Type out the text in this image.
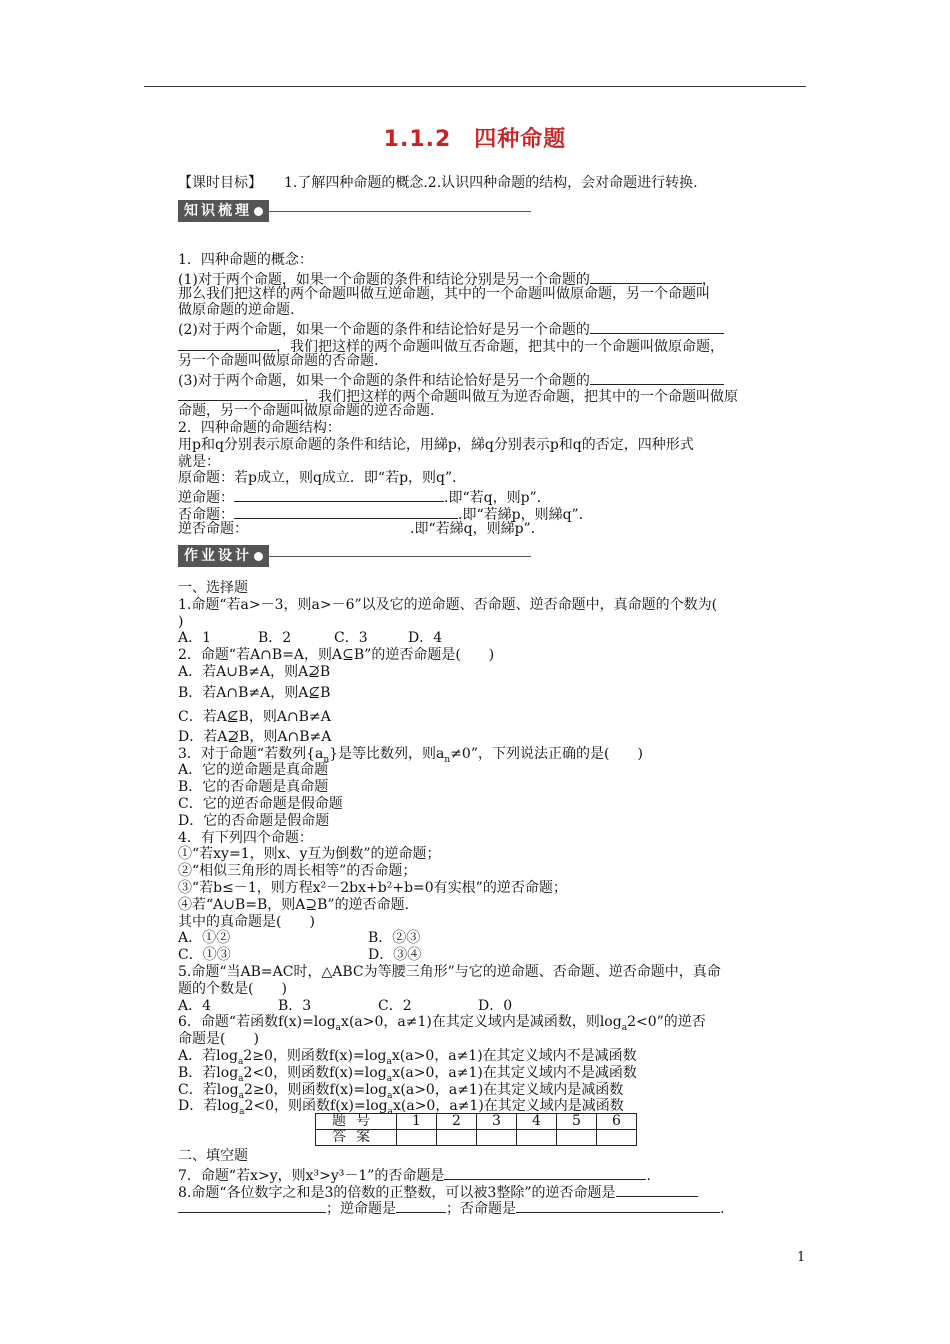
1.1.2　四种命题
【课时目标】 1.了解四种命题的概念.2.认识四种命题的结构，会对命题进行转换.
知识梳理
1．四种命题的概念：
(1)对于两个命题，如果一个命题的条件和结论分别是另一个命题的	，
那么我们把这样的两个命题叫做互逆命题，其中的一个命题叫做原命题，另一个命题叫
做原命题的逆命题.
(2)对于两个命题，如果一个命题的条件和结论恰好是另一个命题的
，我们把这样的两个命题叫做互否命题，把其中的一个命题叫做原命题，
另一个命题叫做原命题的否命题.
(3)对于两个命题，如果一个命题的条件和结论恰好是另一个命题的
，我们把这样的两个命题叫做互为逆否命题，把其中的一个命题叫做原
命题，另一个命题叫做原命题的逆否命题.
2．四种命题的命题结构：
用p和q分别表示原命题的条件和结论，用綈p，綈q分别表示p和q的否定，四种形式
就是：
原命题：若p成立，则q成立．即“若p，则q”．
逆命题：	.即“若q，则p”．
否命题：	.即“若綈p，则綈q”．
逆否命题：	.即“若綈q，则綈p”．
作业设计
一、选择题
1.命题“若a>－3，则a>－6”以及它的逆命题、否命题、逆否命题中，真命题的个数为(
)
A．1	B．2	C．3	D．4
2．命题“若A∩B=A，则A⊆B”的逆否命题是(　　)
A．若A∪B≠A，则A⊉B
B．若A∩B≠A，则A⊈B
C．若A⊈B，则A∩B≠A
D．若A⊉B，则A∩B≠A
3．对于命题“若数列$\{a_n\}$是等比数列，则$a_n\ne 0$”，下列说法正确的是(　　)
A．它的逆命题是真命题
B．它的否命题是真命题
C．它的逆否命题是假命题
D．它的否命题是假命题
4．有下列四个命题：
①“若xy=1，则x、y互为倒数”的逆命题；
②“相似三角形的周长相等”的否命题；
③“若b≤－1，则方程x²－2bx+b²+b=0有实根”的逆否命题；
④若“A∪B=B，则A⊇B”的逆否命题.
其中的真命题是(　　)
A．①②	B．②③
C．①③	D．③④
5.命题“当AB=AC时，△ABC为等腰三角形”与它的逆命题、否命题、逆否命题中，真命
题的个数是(　　)
A．4	B．3	C．2	D．0
6．命题“若函数$f(x)=\log_ax(a>0$，a≠1)在其定义域内是减函数，则$\log_a2<0$”的逆否
命题是(　　)
A．若$\log_a2\ge 0$，则函数$f(x)=\log_ax(a>0$，a≠1)在其定义域内不是减函数
B．若$\log_a2<0$，则函数$f(x)=\log_ax(a>0$，a≠1)在其定义域内不是减函数
C．若$\log_a2\ge 0$，则函数$f(x)=\log_ax(a>0$，a≠1)在其定义域内是减函数
D．若$\log_a2<0$，则函数$f(x)=\log_ax(a>0$，a≠1)在其定义域内是减函数
题号	1	2	3	4	5	6
答案						
二、填空题
7．命题“若x>y，则x³>y³－1”的否命题是	.
8.命题“各位数字之和是3的倍数的正整数，可以被3整除”的逆否命题是
；逆命题是	；否命题是	.
1
